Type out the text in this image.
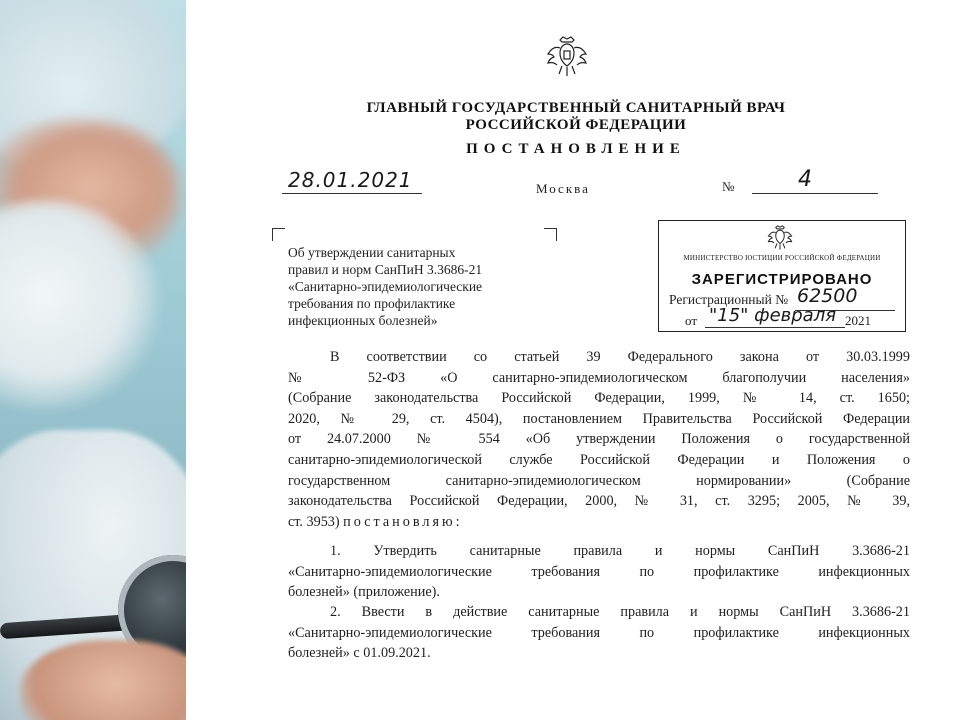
ГЛАВНЫЙ ГОСУДАРСТВЕННЫЙ САНИТАРНЫЙ ВРАЧ
РОССИЙСКОЙ ФЕДЕРАЦИИ
ПОСТАНОВЛЕНИЕ
28.01.2021	Москва	№	4
Об утверждении санитарных
правил и норм СанПиН 3.3686-21
«Санитарно-эпидемиологические
требования по профилактике
инфекционных болезней»
МИНИСТЕРСТВО ЮСТИЦИИ РОССИЙСКОЙ ФЕДЕРАЦИИ
ЗАРЕГИСТРИРОВАНО
Регистрационный № 62500
от "15" февраля 2021
В соответствии со статьей 39 Федерального закона от 30.03.1999
№ 52-ФЗ «О санитарно-эпидемиологическом благополучии населения»
(Собрание законодательства Российской Федерации, 1999, № 14, ст. 1650;
2020, № 29, ст. 4504), постановлением Правительства Российской Федерации
от 24.07.2000 № 554 «Об утверждении Положения о государственной
санитарно-эпидемиологической службе Российской Федерации и Положения о
государственном санитарно-эпидемиологическом нормировании» (Собрание
законодательства Российской Федерации, 2000, № 31, ст. 3295; 2005, № 39,
ст. 3953) постановляю:
1. Утвердить санитарные правила и нормы СанПиН 3.3686-21
«Санитарно-эпидемиологические требования по профилактике инфекционных
болезней» (приложение).
2. Ввести в действие санитарные правила и нормы СанПиН 3.3686-21
«Санитарно-эпидемиологические требования по профилактике инфекционных
болезней» с 01.09.2021.
